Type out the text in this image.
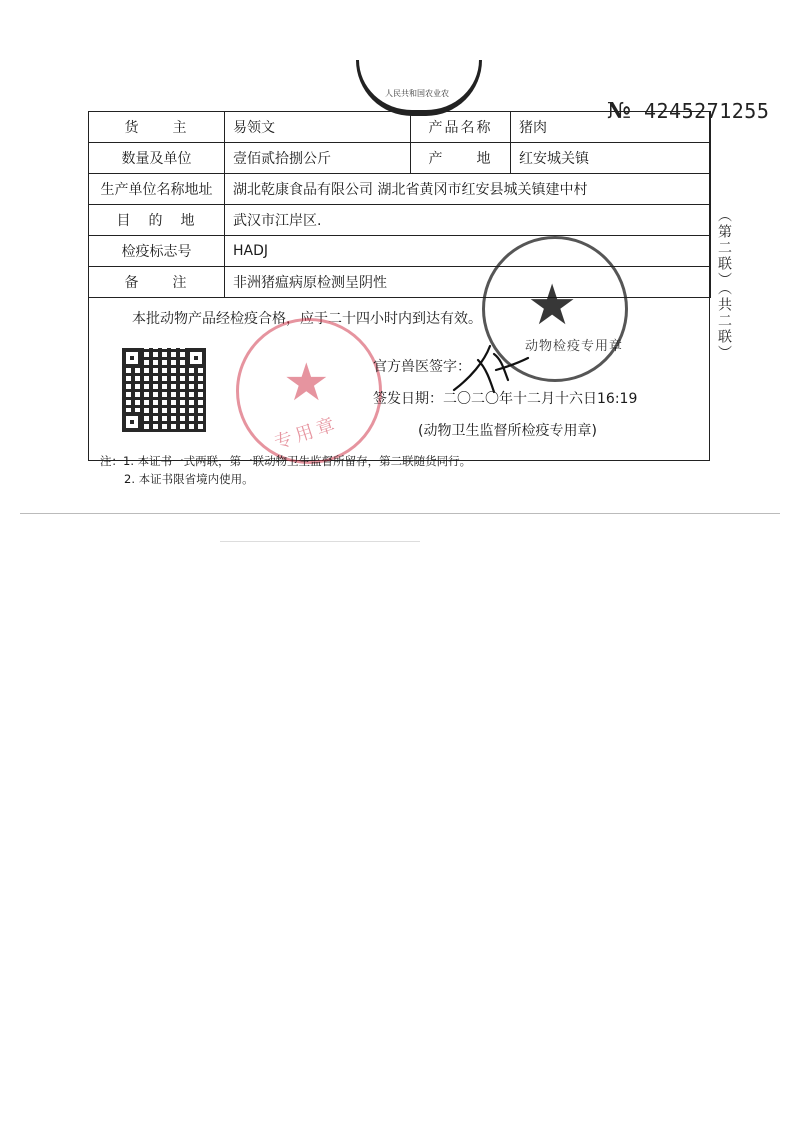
人民共和国农业农
№ 4245271255
（第二联）（共二联）
货　　主	易领文	产品名称	猪肉
数量及单位	壹佰贰拾捌公斤	产　　地	红安城关镇
生产单位名称地址	湖北乾康食品有限公司 湖北省黄冈市红安县城关镇建中村		
目　的　地	武汉市江岸区.		
检疫标志号	HADJ		
备　　注	非洲猪瘟病原检测呈阴性		
本批动物产品经检疫合格，应于二十四小时内到达有效。
★
专用章
★
动物检疫专用章
官方兽医签字：
签发日期：二〇二〇年十二月十六日16:19
(动物卫生监督所检疫专用章)
注：1. 本证书一式两联，第一联动物卫生监督所留存，第二联随货同行。
2. 本证书限省境内使用。
